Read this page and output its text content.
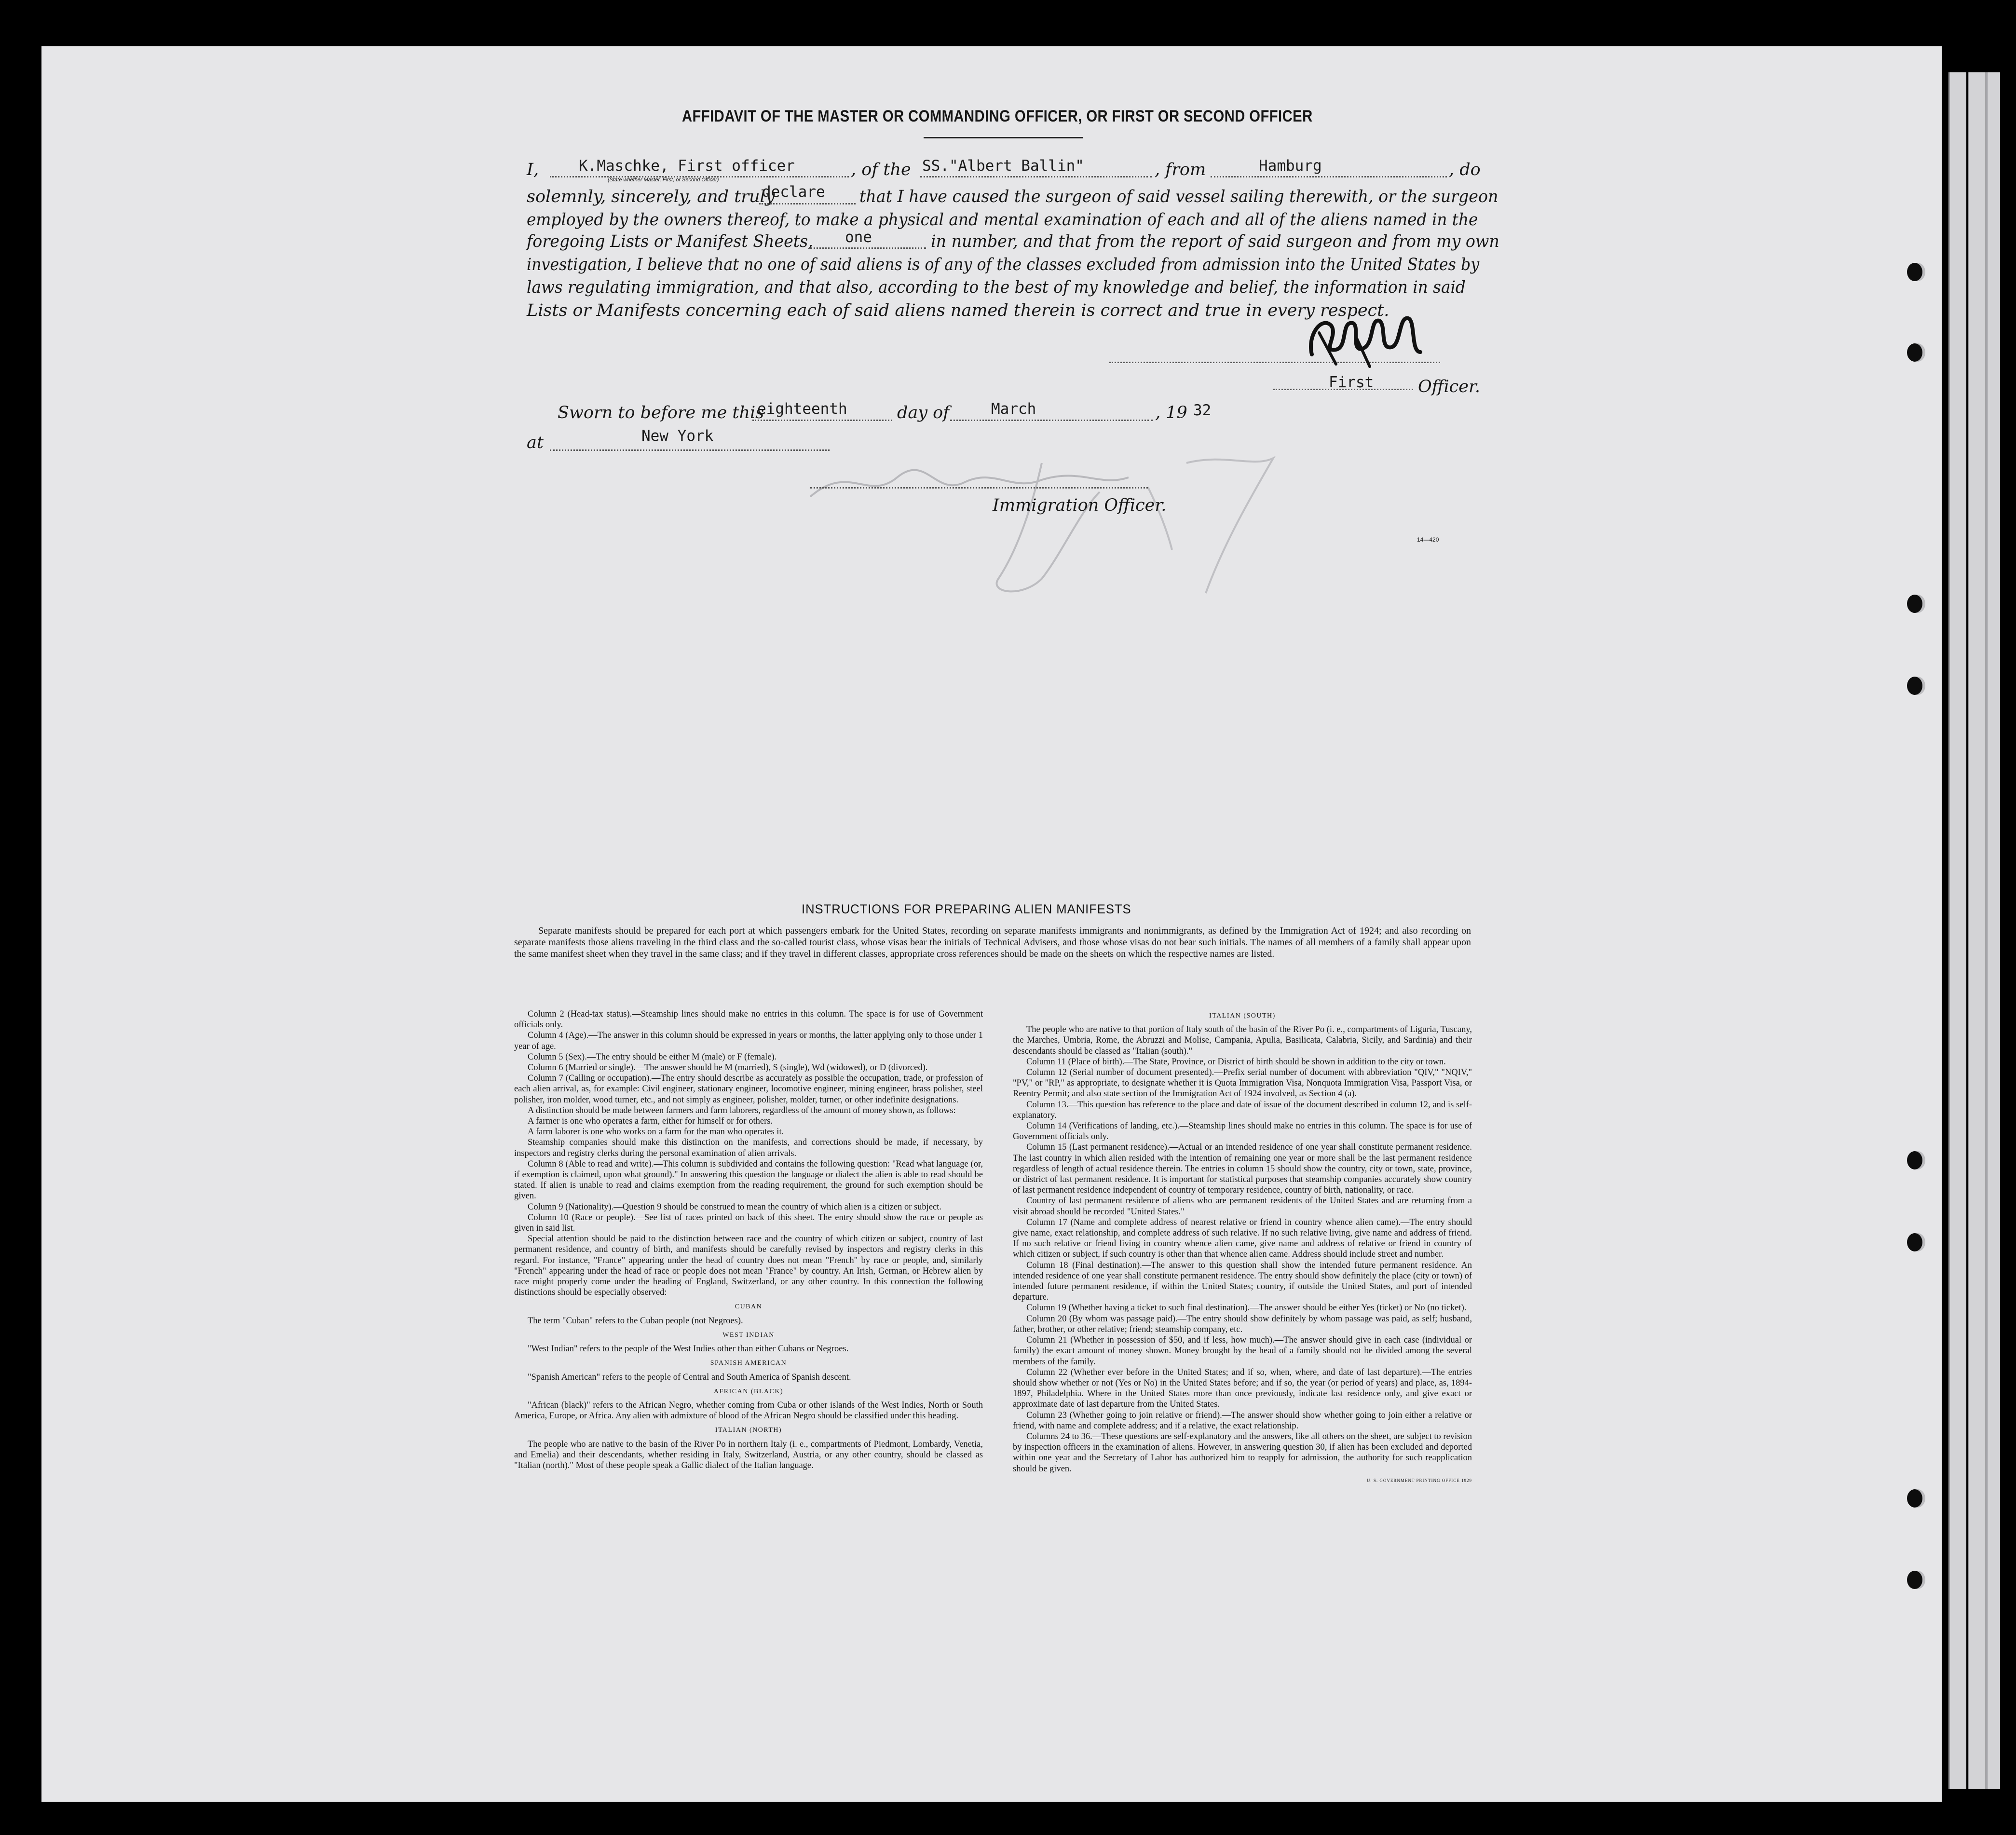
AFFIDAVIT OF THE MASTER OR COMMANDING OFFICER, OR FIRST OR SECOND OFFICER
I,	K.Maschke, First officer
(State whether Master, First, or Second Officer)
, of the SS."Albert Ballin"	, from	Hamburg	, do
solemnly, sincerely, and truly
declare that I have caused the surgeon of said vessel sailing therewith, or the surgeon
employed by the owners thereof, to make a physical and mental examination of each and all of the aliens named in the
foregoing Lists or Manifest Sheets, one	in number, and that from the report of said surgeon and from my own
investigation, I believe that no one of said aliens is of any of the classes excluded from admission into the United States by
laws regulating immigration, and that also, according to the best of my knowledge and belief, the information in said
Lists or Manifests concerning each of said aliens named therein is correct and true in every respect.
First	Officer.
Sworn to before me this
eighteenth	day of	March	, 19 32
at	New York
Immigration Officer.
14—420
INSTRUCTIONS FOR PREPARING ALIEN MANIFESTS
Separate manifests should be prepared for each port at which passengers embark for the United States, recording on separate manifests immigrants and nonimmigrants, as defined by the Immigration Act of 1924; and also recording on separate manifests those aliens traveling in the third class and the so-called tourist class, whose visas bear the initials of Technical Advisers, and those whose visas do not bear such initials. The names of all members of a family shall appear upon the same manifest sheet when they travel in the same class; and if they travel in different classes, appropriate cross references should be made on the sheets on which the respective names are listed.

Column 2 (Head-tax status).—Steamship lines should make no entries in this column. The space is for use of Government officials only.

Column 4 (Age).—The answer in this column should be expressed in years or months, the latter applying only to those under 1 year of age.

Column 5 (Sex).—The entry should be either M (male) or F (female).

Column 6 (Married or single).—The answer should be M (married), S (single), Wd (widowed), or D (divorced).

Column 7 (Calling or occupation).—The entry should describe as accurately as possible the occupation, trade, or profession of each alien arrival, as, for example: Civil engineer, stationary engineer, locomotive engineer, mining engineer, brass polisher, steel polisher, iron molder, wood turner, etc., and not simply as engineer, polisher, molder, turner, or other indefinite designations.

A distinction should be made between farmers and farm laborers, regardless of the amount of money shown, as follows:

A farmer is one who operates a farm, either for himself or for others.

A farm laborer is one who works on a farm for the man who operates it.

Steamship companies should make this distinction on the manifests, and corrections should be made, if necessary, by inspectors and registry clerks during the personal examination of alien arrivals.

Column 8 (Able to read and write).—This column is subdivided and contains the following question: "Read what language (or, if exemption is claimed, upon what ground)." In answering this question the language or dialect the alien is able to read should be stated. If alien is unable to read and claims exemption from the reading requirement, the ground for such exemption should be given.

Column 9 (Nationality).—Question 9 should be construed to mean the country of which alien is a citizen or subject.

Column 10 (Race or people).—See list of races printed on back of this sheet. The entry should show the race or people as given in said list.

Special attention should be paid to the distinction between race and the country of which citizen or subject, country of last permanent residence, and country of birth, and manifests should be carefully revised by inspectors and registry clerks in this regard. For instance, "France" appearing under the head of country does not mean "French" by race or people, and, similarly "French" appearing under the head of race or people does not mean "France" by country. An Irish, German, or Hebrew alien by race might properly come under the heading of England, Switzerland, or any other country. In this connection the following distinctions should be especially observed:

CUBAN

The term "Cuban" refers to the Cuban people (not Negroes).

WEST INDIAN

"West Indian" refers to the people of the West Indies other than either Cubans or Negroes.

SPANISH AMERICAN

"Spanish American" refers to the people of Central and South America of Spanish descent.

AFRICAN (BLACK)

"African (black)" refers to the African Negro, whether coming from Cuba or other islands of the West Indies, North or South America, Europe, or Africa. Any alien with admixture of blood of the African Negro should be classified under this heading.

ITALIAN (NORTH)

The people who are native to the basin of the River Po in northern Italy (i. e., compartments of Piedmont, Lombardy, Venetia, and Emelia) and their descendants, whether residing in Italy, Switzerland, Austria, or any other country, should be classed as "Italian (north)." Most of these people speak a Gallic dialect of the Italian language.

ITALIAN (SOUTH)

The people who are native to that portion of Italy south of the basin of the River Po (i. e., compartments of Liguria, Tuscany, the Marches, Umbria, Rome, the Abruzzi and Molise, Campania, Apulia, Basilicata, Calabria, Sicily, and Sardinia) and their descendants should be classed as "Italian (south)."

Column 11 (Place of birth).—The State, Province, or District of birth should be shown in addition to the city or town.

Column 12 (Serial number of document presented).—Prefix serial number of document with abbreviation "QIV," "NQIV," "PV," or "RP," as appropriate, to designate whether it is Quota Immigration Visa, Nonquota Immigration Visa, Passport Visa, or Reentry Permit; and also state section of the Immigration Act of 1924 involved, as Section 4 (a).

Column 13.—This question has reference to the place and date of issue of the document described in column 12, and is self-explanatory.

Column 14 (Verifications of landing, etc.).—Steamship lines should make no entries in this column. The space is for use of Government officials only.

Column 15 (Last permanent residence).—Actual or an intended residence of one year shall constitute permanent residence. The last country in which alien resided with the intention of remaining one year or more shall be the last permanent residence regardless of length of actual residence therein. The entries in column 15 should show the country, city or town, state, province, or district of last permanent residence. It is important for statistical purposes that steamship companies accurately show country of last permanent residence independent of country of temporary residence, country of birth, nationality, or race.

Country of last permanent residence of aliens who are permanent residents of the United States and are returning from a visit abroad should be recorded "United States."

Column 17 (Name and complete address of nearest relative or friend in country whence alien came).—The entry should give name, exact relationship, and complete address of such relative. If no such relative living, give name and address of friend. If no such relative or friend living in country whence alien came, give name and address of relative or friend in country of which citizen or subject, if such country is other than that whence alien came. Address should include street and number.

Column 18 (Final destination).—The answer to this question shall show the intended future permanent residence. An intended residence of one year shall constitute permanent residence. The entry should show definitely the place (city or town) of intended future permanent residence, if within the United States; country, if outside the United States, and port of intended departure.

Column 19 (Whether having a ticket to such final destination).—The answer should be either Yes (ticket) or No (no ticket).

Column 20 (By whom was passage paid).—The entry should show definitely by whom passage was paid, as self; husband, father, brother, or other relative; friend; steamship company, etc.

Column 21 (Whether in possession of $50, and if less, how much).—The answer should give in each case (individual or family) the exact amount of money shown. Money brought by the head of a family should not be divided among the several members of the family.

Column 22 (Whether ever before in the United States; and if so, when, where, and date of last departure).—The entries should show whether or not (Yes or No) in the United States before; and if so, the year (or period of years) and place, as, 1894-1897, Philadelphia. Where in the United States more than once previously, indicate last residence only, and give exact or approximate date of last departure from the United States.

Column 23 (Whether going to join relative or friend).—The answer should show whether going to join either a relative or friend, with name and complete address; and if a relative, the exact relationship.

Columns 24 to 36.—These questions are self-explanatory and the answers, like all others on the sheet, are subject to revision by inspection officers in the examination of aliens. However, in answering question 30, if alien has been excluded and deported within one year and the Secretary of Labor has authorized him to reapply for admission, the authority for such reapplication should be given.

U. S. GOVERNMENT PRINTING OFFICE 1929
